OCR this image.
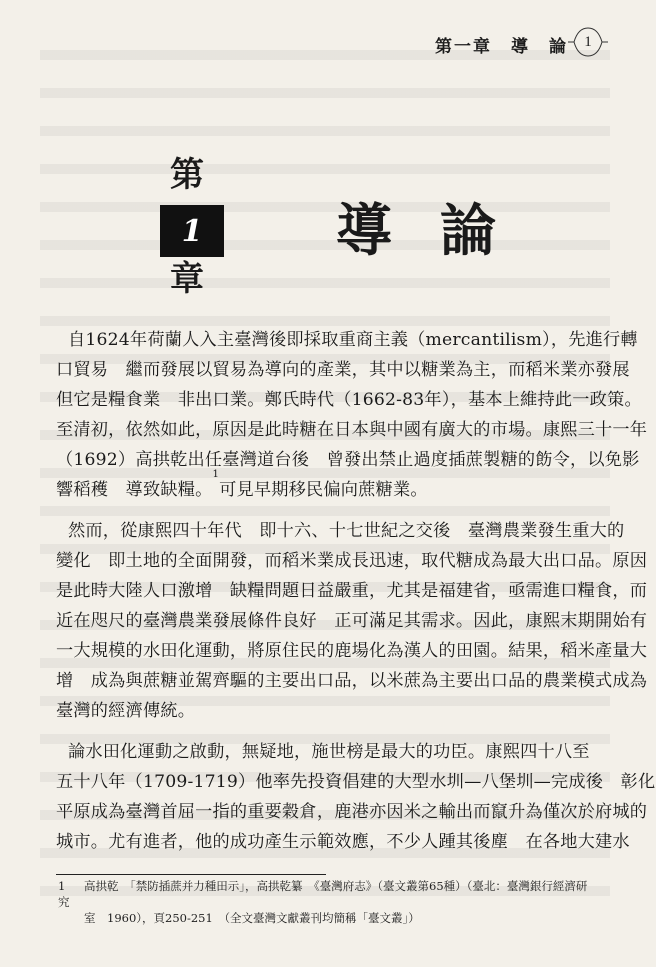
第一章　導　論 1
第
1
章
導論
自1624年荷蘭人入主臺灣後即採取重商主義（mercantilism），先進行轉
口貿易　繼而發展以貿易為導向的產業，其中以糖業為主，而稻米業亦發展
但它是糧食業　非出口業。鄭氏時代（1662-83年），基本上維持此一政策。
至清初，依然如此，原因是此時糖在日本與中國有廣大的市場。康熙三十一年
（1692）高拱乾出任臺灣道台後　曾發出禁止過度插蔗製糖的飭令，以免影
響稻穫　導致缺糧。
1
可見早期移民偏向蔗糖業。
然而，從康熙四十年代　即十六、十七世紀之交後　臺灣農業發生重大的
變化　即土地的全面開發，而稻米業成長迅速，取代糖成為最大出口品。原因
是此時大陸人口激增　缺糧問題日益嚴重，尤其是福建省，亟需進口糧食，而
近在咫尺的臺灣農業發展條件良好　正可滿足其需求。因此，康熙末期開始有
一大規模的水田化運動，將原住民的鹿場化為漢人的田園。結果，稻米產量大
增　成為與蔗糖並駕齊驅的主要出口品，以米蔗為主要出口品的農業模式成為
臺灣的經濟傳統。
論水田化運動之啟動，無疑地，施世榜是最大的功臣。康熙四十八至
五十八年（1709-1719）他率先投資倡建的大型水圳—八堡圳—完成後　彰化
平原成為臺灣首屈一指的重要穀倉，鹿港亦因米之輸出而竄升為僅次於府城的
城市。尤有進者，他的成功產生示範效應，不少人踵其後塵　在各地大建水
1 高拱乾　「禁防插蔗并力種田示」，高拱乾纂　《臺灣府志》（臺文叢第65種）（臺北：臺灣銀行經濟研究
室　1960），頁250-251　（全文臺灣文獻叢刊均簡稱「臺文叢」）
